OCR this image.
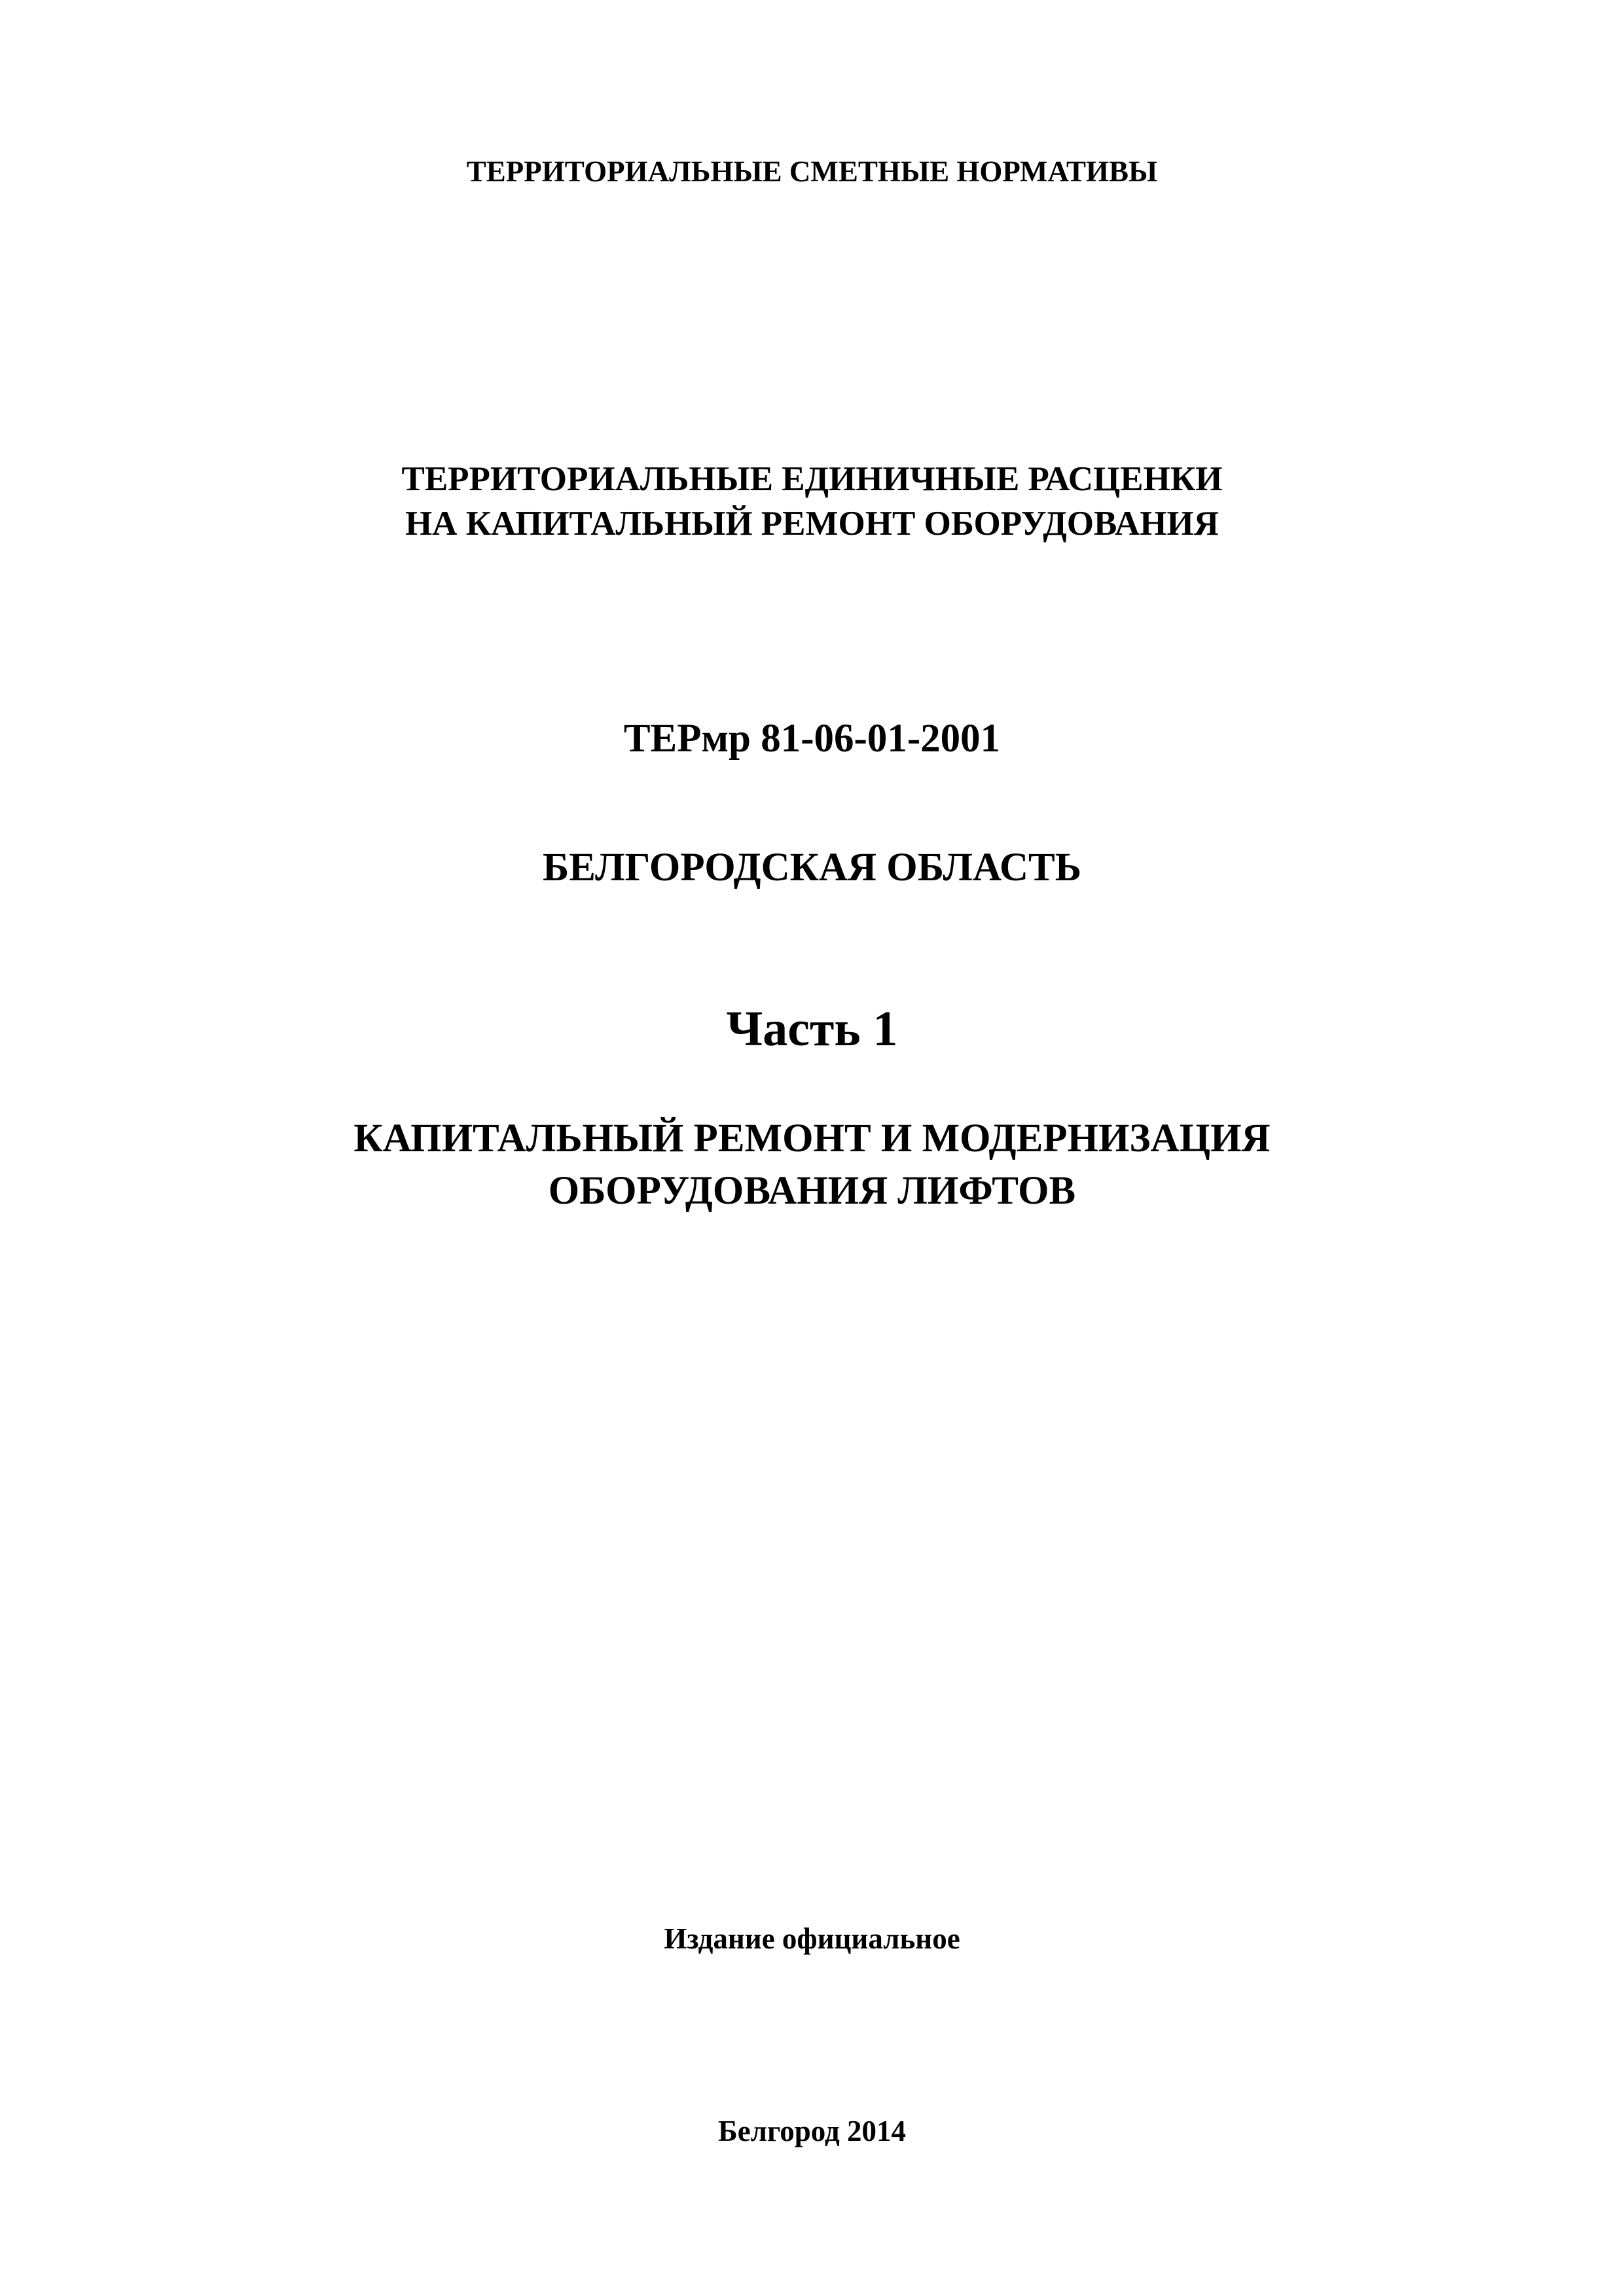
ТЕРРИТОРИАЛЬНЫЕ СМЕТНЫЕ НОРМАТИВЫ
ТЕРРИТОРИАЛЬНЫЕ ЕДИНИЧНЫЕ РАСЦЕНКИ
НА КАПИТАЛЬНЫЙ РЕМОНТ ОБОРУДОВАНИЯ
ТЕРмр 81-06-01-2001
БЕЛГОРОДСКАЯ ОБЛАСТЬ
Часть 1
КАПИТАЛЬНЫЙ РЕМОНТ И МОДЕРНИЗАЦИЯ
ОБОРУДОВАНИЯ ЛИФТОВ
Издание официальное
Белгород 2014
